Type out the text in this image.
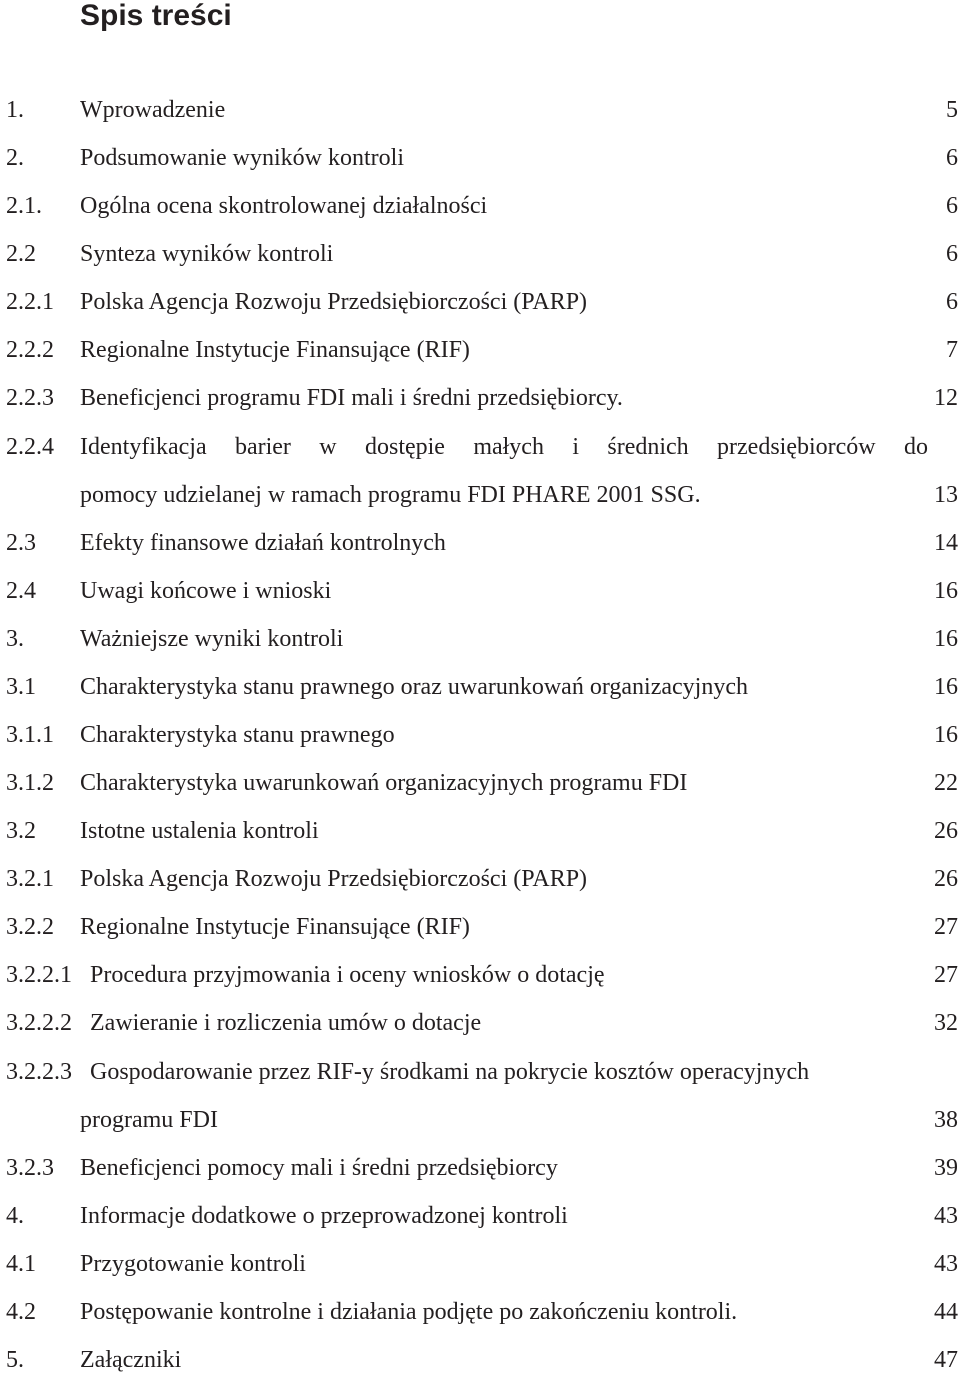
Spis treści
1. Wprowadzenie	5
2. Podsumowanie wyników kontroli	6
2.1. Ogólna ocena skontrolowanej działalności	6
2.2 Synteza wyników kontroli	6
2.2.1 Polska Agencja Rozwoju Przedsiębiorczości (PARP)	6
2.2.2 Regionalne Instytucje Finansujące (RIF)	7
2.2.3 Beneficjenci programu FDI mali i średni przedsiębiorcy.	12
2.2.4 Identyfikacja barier w dostępie małych i średnich przedsiębiorców do
pomocy udzielanej w ramach programu FDI PHARE 2001 SSG.	13
2.3 Efekty finansowe działań kontrolnych	14
2.4 Uwagi końcowe i wnioski	16
3. Ważniejsze wyniki kontroli	16
3.1 Charakterystyka stanu prawnego oraz uwarunkowań organizacyjnych	16
3.1.1 Charakterystyka stanu prawnego	16
3.1.2 Charakterystyka uwarunkowań organizacyjnych programu FDI	22
3.2 Istotne ustalenia kontroli	26
3.2.1 Polska Agencja Rozwoju Przedsiębiorczości (PARP)	26
3.2.2 Regionalne Instytucje Finansujące (RIF)	27
3.2.2.1 Procedura przyjmowania i oceny wniosków o dotację	27
3.2.2.2 Zawieranie i rozliczenia umów o dotacje	32
3.2.2.3 Gospodarowanie przez RIF-y środkami na pokrycie kosztów operacyjnych
programu FDI	38
3.2.3 Beneficjenci pomocy mali i średni przedsiębiorcy	39
4. Informacje dodatkowe o przeprowadzonej kontroli	43
4.1 Przygotowanie kontroli	43
4.2 Postępowanie kontrolne i działania podjęte po zakończeniu kontroli.	44
5. Załączniki	47
